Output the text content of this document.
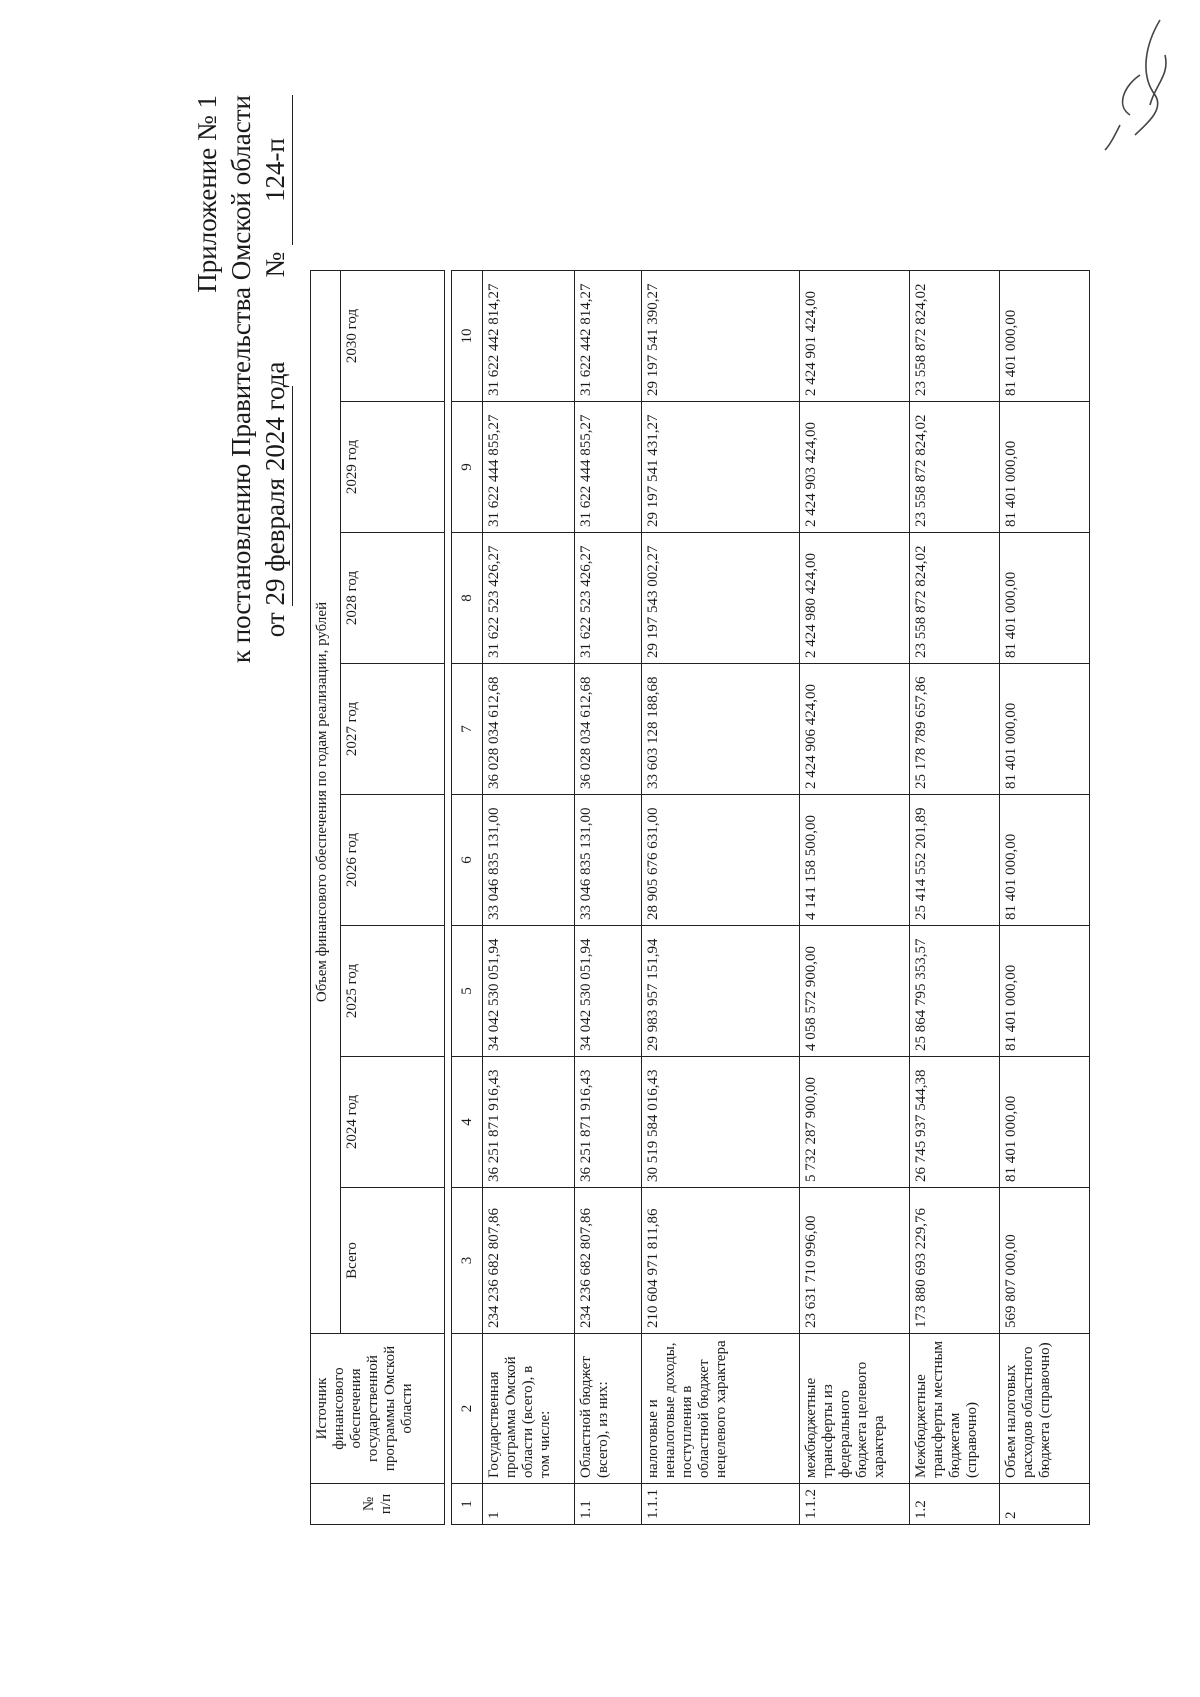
Приложение № 1 к постановлению Правительства Омской области от 29 февраля 2024 года                № 124-п
№ п/п	Источник финансового обеспечения государственной программы Омской области	Объем финансового обеспечения по годам реализации, рублей							
		Всего	2024 год	2025 год	2026 год	2027 год	2028 год	2029 год	2030 год

1	2	3	4	5	6	7	8	9	10
1	Государственная программа Омской области (всего), в том числе:	234 236 682 807,86	36 251 871 916,43	34 042 530 051,94	33 046 835 131,00	36 028 034 612,68	31 622 523 426,27	31 622 444 855,27	31 622 442 814,27
1.1	Областной бюджет (всего), из них:	234 236 682 807,86	36 251 871 916,43	34 042 530 051,94	33 046 835 131,00	36 028 034 612,68	31 622 523 426,27	31 622 444 855,27	31 622 442 814,27
1.1.1	налоговые и неналоговые доходы, поступления в областной бюджет нецелевого характера	210 604 971 811,86	30 519 584 016,43	29 983 957 151,94	28 905 676 631,00	33 603 128 188,68	29 197 543 002,27	29 197 541 431,27	29 197 541 390,27
1.1.2	межбюджетные трансферты из федерального бюджета целевого характера	23 631 710 996,00	5 732 287 900,00	4 058 572 900,00	4 141 158 500,00	2 424 906 424,00	2 424 980 424,00	2 424 903 424,00	2 424 901 424,00
1.2	Межбюджетные трансферты местным бюджетам (справочно)	173 880 693 229,76	26 745 937 544,38	25 864 795 353,57	25 414 552 201,89	25 178 789 657,86	23 558 872 824,02	23 558 872 824,02	23 558 872 824,02
2	Объем налоговых расходов областного бюджета (справочно)	569 807 000,00	81 401 000,00	81 401 000,00	81 401 000,00	81 401 000,00	81 401 000,00	81 401 000,00	81 401 000,00
